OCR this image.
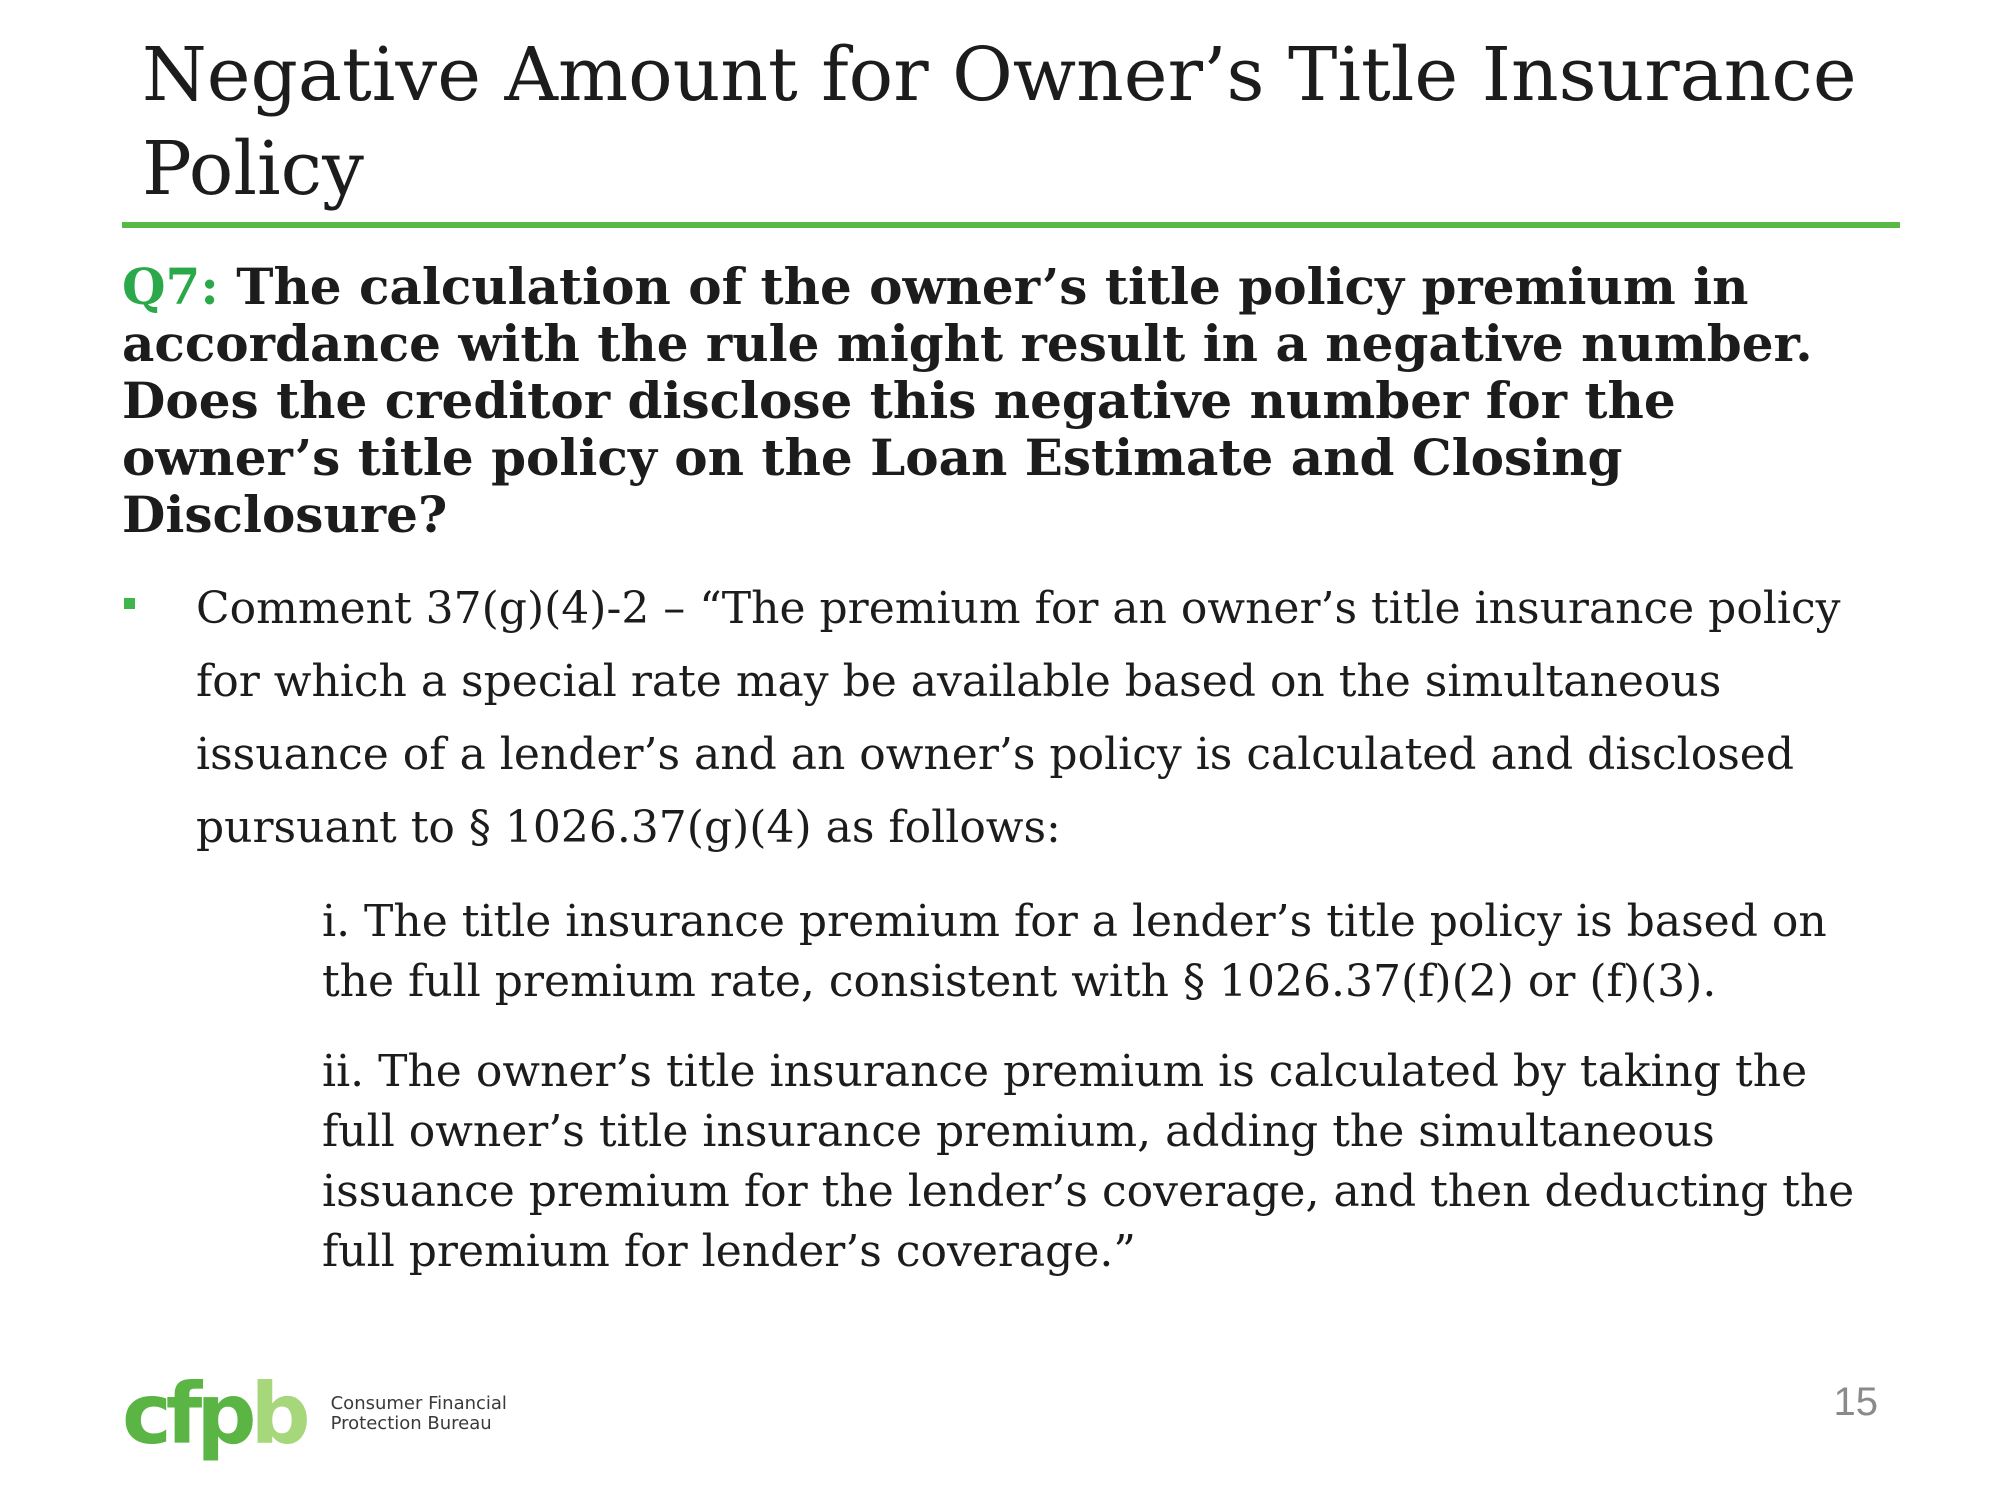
Negative Amount for Owner’s Title Insurance Policy
Q7: The calculation of the owner’s title policy premium in accordance with the rule might result in a negative number. Does the creditor disclose this negative number for the owner’s title policy on the Loan Estimate and Closing Disclosure?
Comment 37(g)(4)-2 – “The premium for an owner’s title insurance policy for which a special rate may be available based on the simultaneous issuance of a lender’s and an owner’s policy is calculated and disclosed pursuant to § 1026.37(g)(4) as follows:
i. The title insurance premium for a lender’s title policy is based on the full premium rate, consistent with § 1026.37(f)(2) or (f)(3).
ii. The owner’s title insurance premium is calculated by taking the full owner’s title insurance premium, adding the simultaneous issuance premium for the lender’s coverage, and then deducting the full premium for lender’s coverage.”
cfpb Consumer Financial
Protection Bureau	15
